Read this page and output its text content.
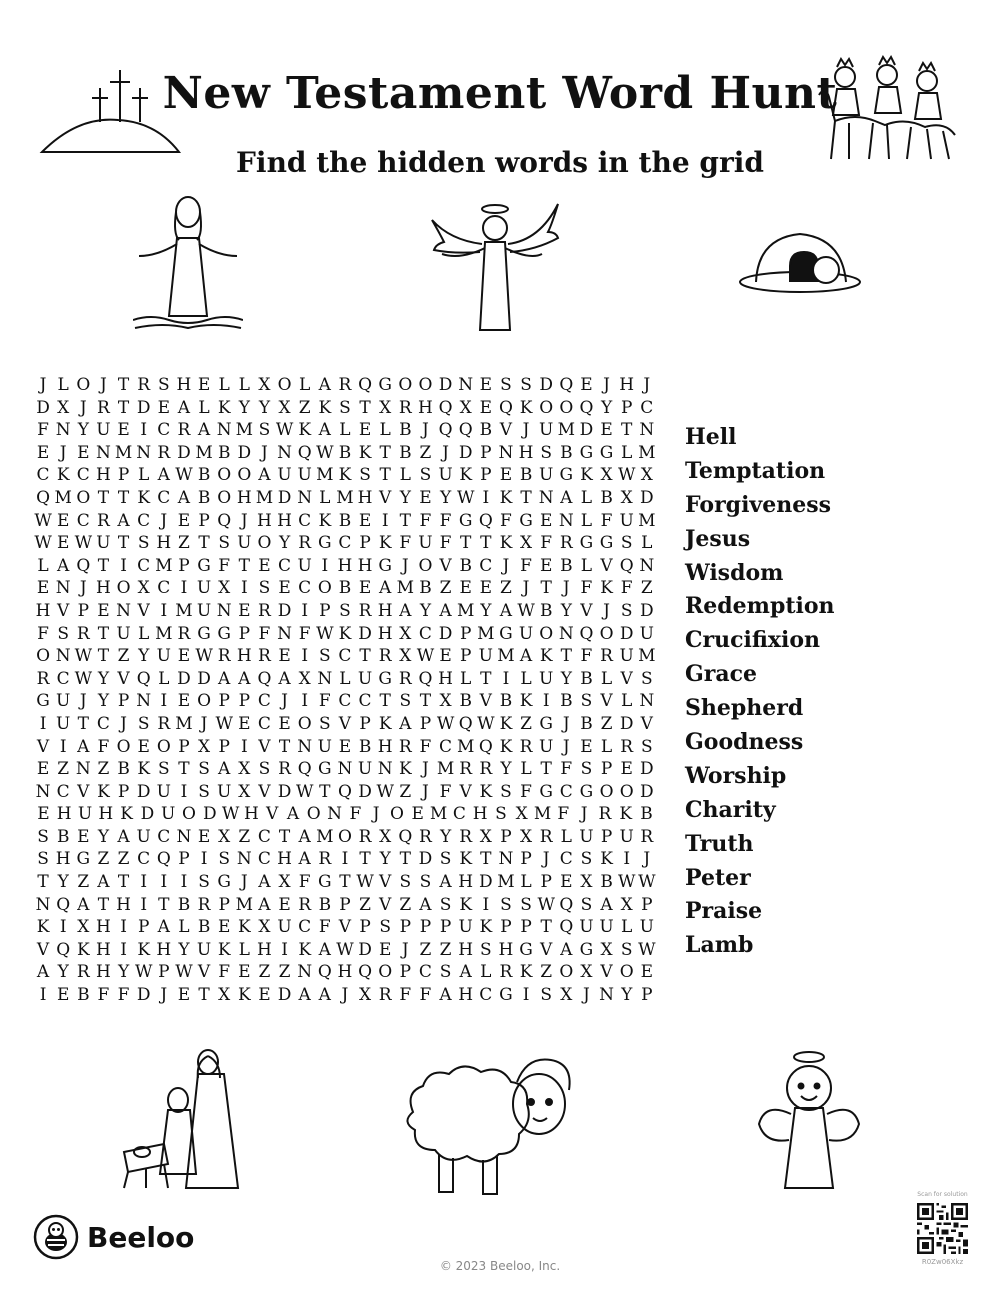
New Testament Word Hunt
Find the hidden words in the grid
J L O J T R S H E L L X O L A R Q G O O D N E S S D Q E J H J
D X J R T D E A L K Y Y X Z K S T X R H Q X E Q K O O Q Y P C
F N Y U E I C R A N M S W K A L E L B J Q Q B V J U M D E T N
E J E N M N R D M B D J N Q W B K T B Z J D P N H S B G G L M
C K C H P L A W B O O A U U M K S T L S U K P E B U G K X W X
Q M O T T K C A B O H M D N L M H V Y E Y W I K T N A L B X D
W E C R A C J E P Q J H H C K B E I T F F G Q F G E N L F U M
W E W U T S H Z T S U O Y R G C P K F U F T T K X F R G G S L
L A Q T I C M P G F T E C U I H H G J O V B C J F E B L V Q N
E N J H O X C I U X I S E C O B E A M B Z E E Z J T J F K F Z
H V P E N V I M U N E R D I P S R H A Y A M Y A W B Y V J S D
F S R T U L M R G G P F N F W K D H X C D P M G U O N Q O D U
O N W T Z Y U E W R H R E I S C T R X W E P U M A K T F R U M
R C W Y V Q L D D A A Q A X N L U G R Q H L T I L U Y B L V S
G U J Y P N I E O P P C J I F C C T S T X B V B K I B S V L N
I U T C J S R M J W E C E O S V P K A P W Q W K Z G J B Z D V
V I A F O E O P X P I V T N U E B H R F C M Q K R U J E L R S
E Z N Z B K S T S A X S R Q G N U N K J M R R Y L T F S P E D
N C V K P D U I S U X V D W T Q D W Z J F V K S F G C G O O D
E H U H K D U O D W H V A O N F J O E M C H S X M F J R K B
S B E Y A U C N E X Z C T A M O R X Q R Y R X P X R L U P U R
S H G Z Z C Q P I S N C H A R I T Y T D S K T N P J C S K I J
T Y Z A T I I I S G J A X F G T W V S S A H D M L P E X B W W
N Q A T H I T B R P M A E R B P Z V Z A S K I S S W Q S A X P
K I X H I P A L B E K X U C F V P S P P P U K P P T Q U U L U
V Q K H I K H Y U K L H I K A W D E J Z Z H S H G V A G X S W
A Y R H Y W P W V F E Z Z N Q H Q O P C S A L R K Z O X V O E
I E B F F D J E T X K E D A A J X R F F A H C G I S X J N Y P
Hell
Temptation
Forgiveness
Jesus
Wisdom
Redemption
Crucifixion
Grace
Shepherd
Goodness
Worship
Charity
Truth
Peter
Praise
Lamb
Beeloo
© 2023 Beeloo, Inc.
Scan for solution
R0Zw06Xkz
